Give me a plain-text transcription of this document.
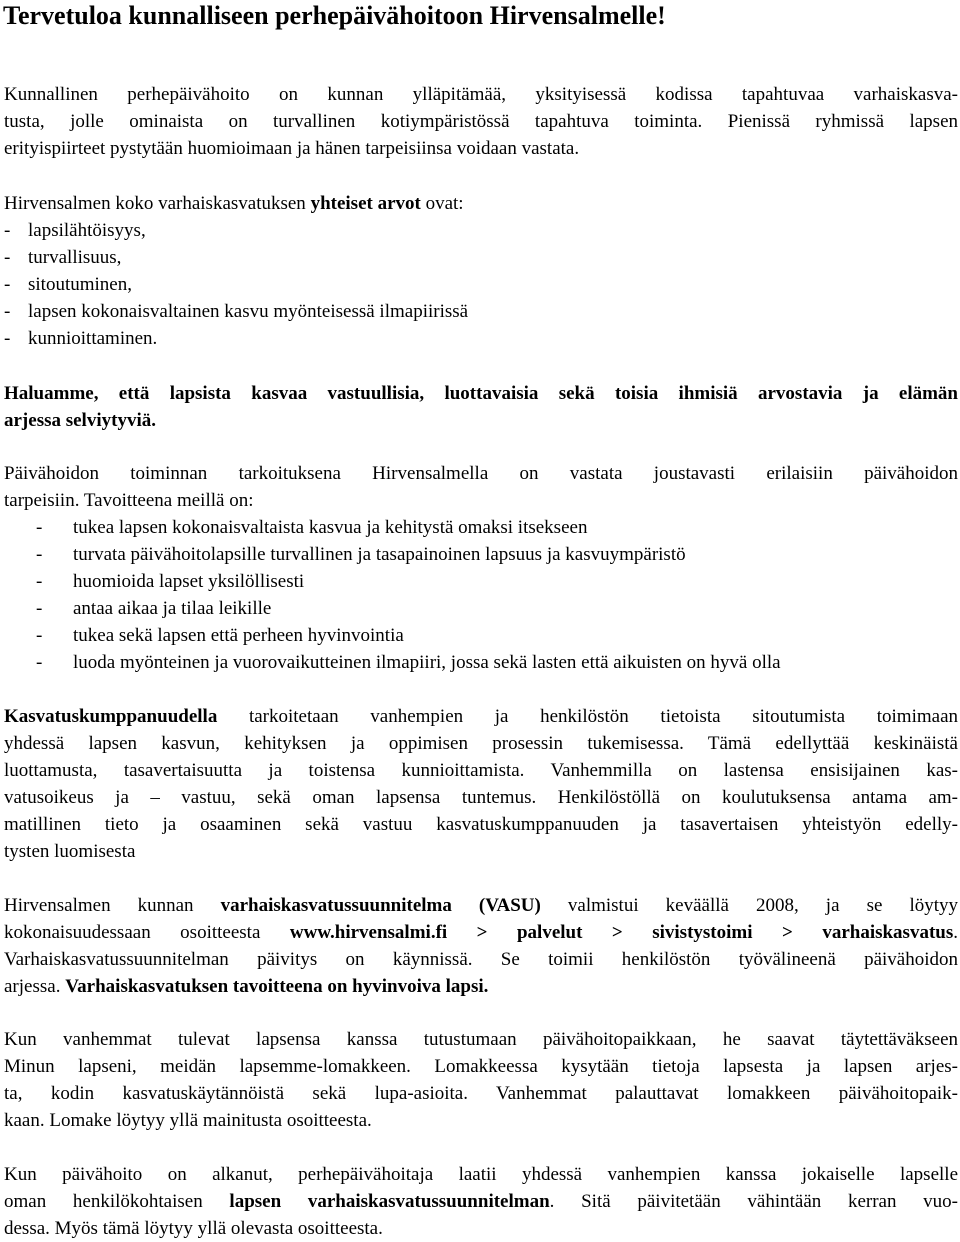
Tervetuloa kunnalliseen perhepäivähoitoon Hirvensalmelle!
Kunnallinen perhepäivähoito on kunnan ylläpitämää, yksityisessä kodissa tapahtuvaa varhaiskasva-
tusta, jolle ominaista on turvallinen kotiympäristössä tapahtuva toiminta. Pienissä ryhmissä lapsen
erityispiirteet pystytään huomioimaan ja hänen tarpeisiinsa voidaan vastata.
Hirvensalmen koko varhaiskasvatuksen yhteiset arvot ovat:
- lapsilähtöisyys,
- turvallisuus,
- sitoutuminen,
- lapsen kokonaisvaltainen kasvu myönteisessä ilmapiirissä
- kunnioittaminen.
Haluamme, että lapsista kasvaa vastuullisia, luottavaisia sekä toisia ihmisiä arvostavia ja elämän
arjessa selviytyviä.
Päivähoidon toiminnan tarkoituksena Hirvensalmella on vastata joustavasti erilaisiin päivähoidon
tarpeisiin. Tavoitteena meillä on:
- tukea lapsen kokonaisvaltaista kasvua ja kehitystä omaksi itsekseen
- turvata päivähoitolapsille turvallinen ja tasapainoinen lapsuus ja kasvuympäristö
- huomioida lapset yksilöllisesti
- antaa aikaa ja tilaa leikille
- tukea sekä lapsen että perheen hyvinvointia
- luoda myönteinen ja vuorovaikutteinen ilmapiiri, jossa sekä lasten että aikuisten on hyvä olla
Kasvatuskumppanuudella tarkoitetaan vanhempien ja henkilöstön tietoista sitoutumista toimimaan
yhdessä lapsen kasvun, kehityksen ja oppimisen prosessin tukemisessa. Tämä edellyttää keskinäistä
luottamusta, tasavertaisuutta ja toistensa kunnioittamista. Vanhemmilla on lastensa ensisijainen kas-
vatusoikeus ja – vastuu, sekä oman lapsensa tuntemus. Henkilöstöllä on koulutuksensa antama am-
matillinen tieto ja osaaminen sekä vastuu kasvatuskumppanuuden ja tasavertaisen yhteistyön edelly-
tysten luomisesta
Hirvensalmen kunnan varhaiskasvatussuunnitelma (VASU) valmistui keväällä 2008, ja se löytyy
kokonaisuudessaan osoitteesta www.hirvensalmi.fi > palvelut > sivistystoimi > varhaiskasvatus.
Varhaiskasvatussuunnitelman päivitys on käynnissä. Se toimii henkilöstön työvälineenä päivähoidon
arjessa. Varhaiskasvatuksen tavoitteena on hyvinvoiva lapsi.
Kun vanhemmat tulevat lapsensa kanssa tutustumaan päivähoitopaikkaan, he saavat täytettäväkseen
Minun lapseni, meidän lapsemme-lomakkeen. Lomakkeessa kysytään tietoja lapsesta ja lapsen arjes-
ta, kodin kasvatuskäytännöistä sekä lupa-asioita. Vanhemmat palauttavat lomakkeen päivähoitopaik-
kaan. Lomake löytyy yllä mainitusta osoitteesta.
Kun päivähoito on alkanut, perhepäivähoitaja laatii yhdessä vanhempien kanssa jokaiselle lapselle
oman henkilökohtaisen lapsen varhaiskasvatussuunnitelman. Sitä päivitetään vähintään kerran vuo-
dessa. Myös tämä löytyy yllä olevasta osoitteesta.
